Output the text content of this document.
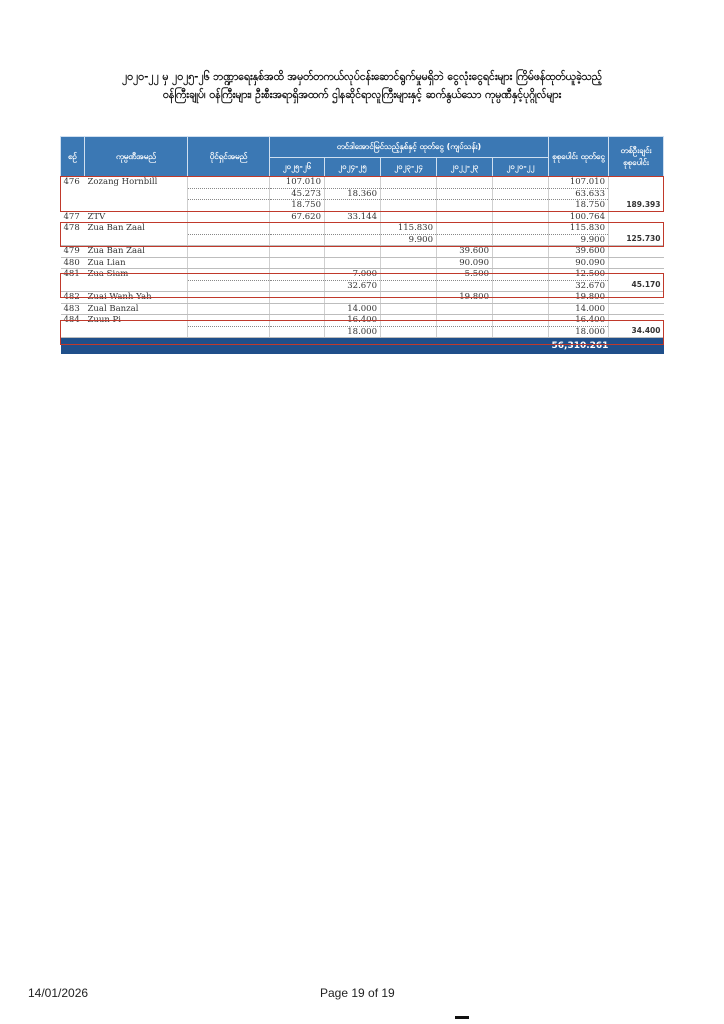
၂၀၂၀-၂၂ မှ ၂၀၂၅-၂၆ ဘဏ္ဍာရေးနှစ်အထိ အမှတ်တကယ်လုပ်ငန်းဆောင်ရွက်မှုမရှိဘဲ ငွေလုံးငွေရင်းများ ကြိမ်ဖန်ထုတ်ယူခဲ့သည့်
ဝန်ကြီးချုပ်၊ ဝန်ကြီးများ၊ ဦးစီးအရာရှိအထက် ဌါနဆိုင်ရာလူကြီးများနှင့် ဆက်နွယ်သော ကုမ္ပဏီနှင့်ပုဂ္ဂိုလ်များ
စဉ်	ကုမ္ပဏီအမည်	ပိုင်ရှင်အမည်	တင်ဒါအောင်မြင်သည့်နှစ်နှင့် ထုတ်ငွေ (ကျပ်သန်း)					စုစုပေါင်း ထုတ်ငွေ	တစ်ဦးချင်း စုစုပေါင်း
			၂၀၂၅-၂၆	၂၀၂၄-၂၅	၂၀၂၃-၂၄	၂၀၂၂-၂၃	၂၀၂၀-၂၂		
476	Zozang Hornbill		107.010					107.010	
			45.273	18.360				63.633	
			18.750					18.750	189.393
477	ZTV		67.620	33.144				100.764	
478	Zua Ban Zaal				115.830			115.830	
					9.900			9.900	125.730
479	Zua Ban Zaal					39.600		39.600	
480	Zua Lian					90.090		90.090	
481	Zua Siam			7.000		5.500		12.500	
				32.670				32.670	45.170
482	Zuai Wanh Yah					19.800		19.800	
483	Zual Banzal			14.000				14.000	
484	Zuun Pi			16.400				16.400	
				18.000				18.000	34.400
								56,310.261	
14/01/2026	Page 19 of 19
